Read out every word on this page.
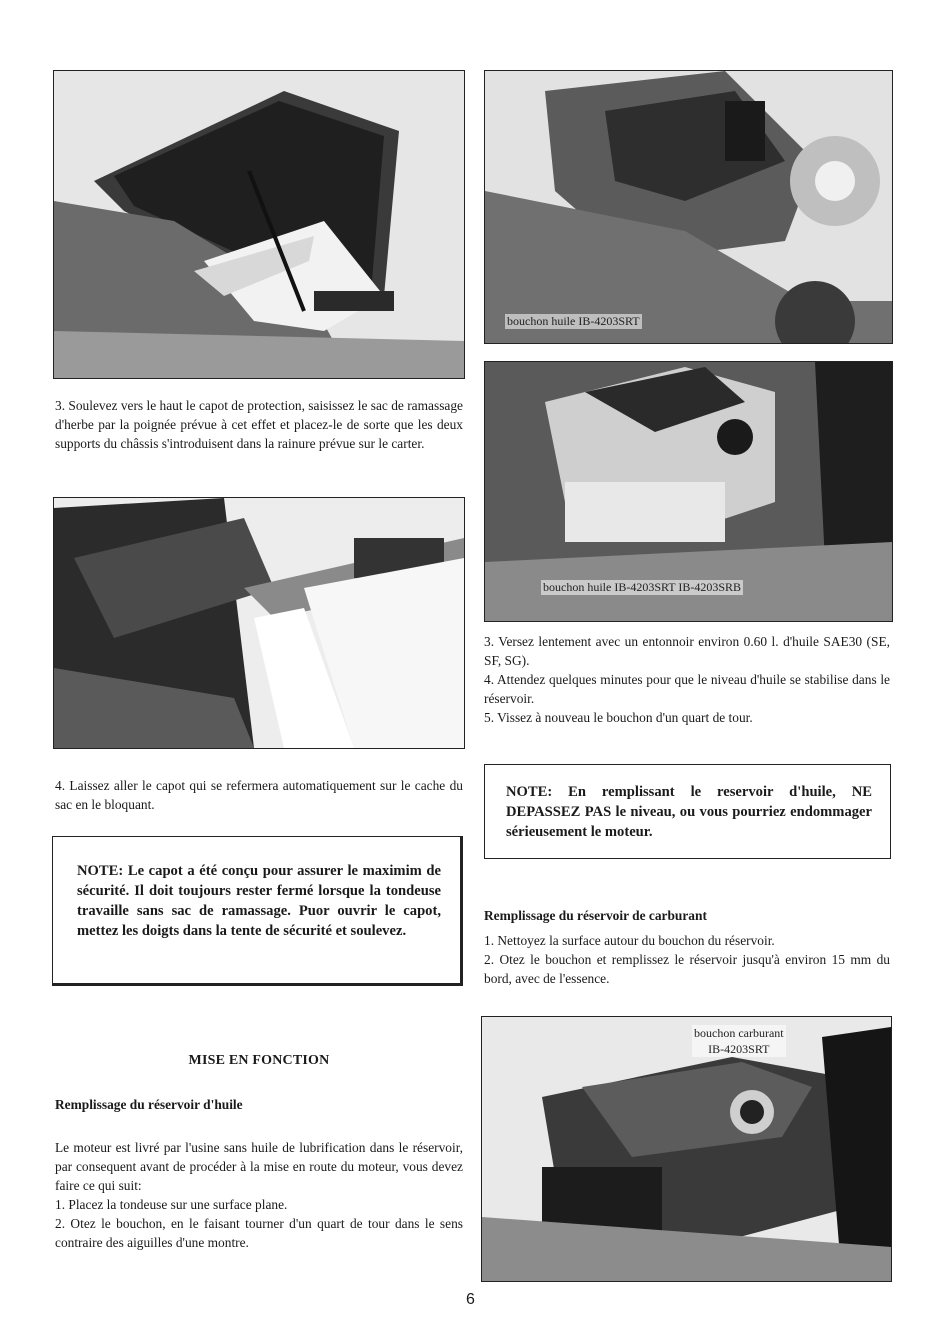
3. Soulevez vers le haut le capot de protection, saisissez le sac de ramassage d'herbe par la poignée prévue à cet effet et placez-le de sorte que les deux supports du châssis s'introduisent dans la rainure prévue sur le carter.

4. Laissez aller le capot qui se refermera automatiquement sur le cache du sac en le bloquant.

NOTE: Le capot a été conçu pour assurer le maximim de sécurité. Il doit toujours rester fermé lorsque la tondeuse travaille sans sac de ramassage. Puor ouvrir le capot, mettez les doigts dans la tente de sécurité et soulevez.
MISE EN FONCTION
Remplissage du réservoir d'huile

Le moteur est livré par l'usine sans huile de lubrification dans le réservoir, par consequent avant de procéder à la mise en route du moteur, vous devez faire ce qui suit:

1. Placez la tondeuse sur une surface plane.

2. Otez le bouchon, en le faisant tourner d'un quart de tour dans le sens contraire des aiguilles d'une montre.

bouchon huile IB-4203SRT
bouchon huile IB-4203SRT IB-4203SRB

3. Versez lentement avec un entonnoir environ 0.60 l. d'huile SAE30 (SE, SF, SG).

4. Attendez quelques minutes pour que le niveau d'huile se stabilise dans le réservoir.

5. Vissez à nouveau le bouchon d'un quart de tour.

NOTE: En remplissant le reservoir d'huile, NE DEPASSEZ PAS le niveau, ou vous pourriez endommager sérieusement le moteur.
Remplissage du réservoir de carburant

1. Nettoyez la surface autour du bouchon du réservoir.

2. Otez le bouchon et remplissez le réservoir jusqu'à environ 15 mm du bord, avec de l'essence.

bouchon carburant
IB-4203SRT
6
